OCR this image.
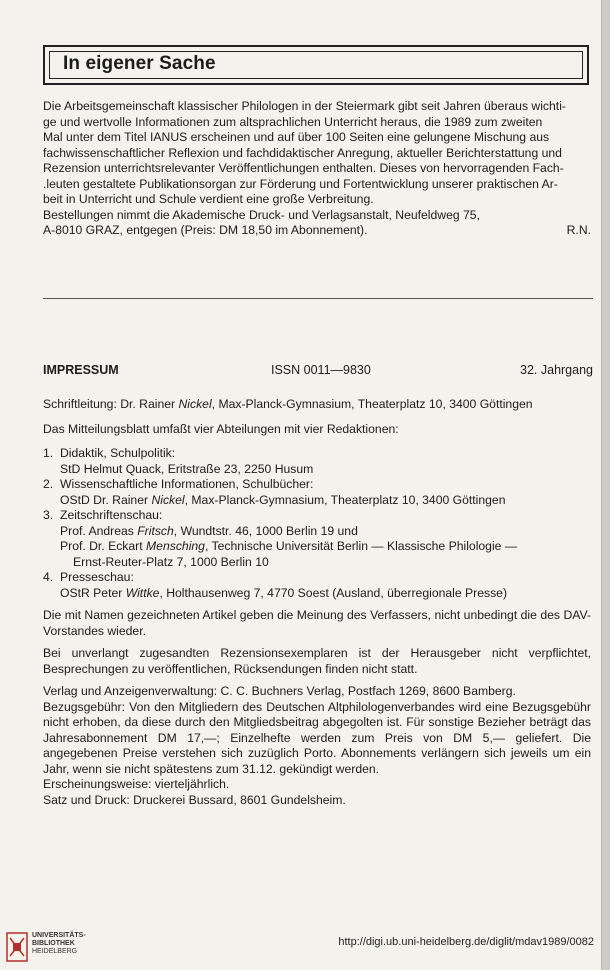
In eigener Sache
Die Arbeitsgemeinschaft klassischer Philologen in der Steiermark gibt seit Jahren überaus wichti-
ge und wertvolle Informationen zum altsprachlichen Unterricht heraus, die 1989 zum zweiten
Mal unter dem Titel IANUS erscheinen und auf über 100 Seiten eine gelungene Mischung aus
fachwissenschaftlicher Reflexion und fachdidaktischer Anregung, aktueller Berichterstattung und
Rezension unterrichtsrelevanter Veröffentlichungen enthalten. Dieses von hervorragenden Fach-
.leuten gestaltete Publikationsorgan zur Förderung und Fortentwicklung unserer praktischen Ar-
beit in Unterricht und Schule verdient eine große Verbreitung.
Bestellungen nimmt die Akademische Druck- und Verlagsanstalt, Neufeldweg 75,
A-8010 GRAZ, entgegen (Preis: DM 18,50 im Abonnement).	R.N.
IMPRESSUM	ISSN 0011—9830	32. Jahrgang

Schriftleitung: Dr. Rainer Nickel, Max-Planck-Gymnasium, Theaterplatz 10, 3400 Göttingen

Das Mitteilungsblatt umfaßt vier Abteilungen mit vier Redaktionen:

1. Didaktik, Schulpolitik:
StD Helmut Quack, Eritstraße 23, 2250 Husum
2. Wissenschaftliche Informationen, Schulbücher:
OStD Dr. Rainer Nickel, Max-Planck-Gymnasium, Theaterplatz 10, 3400 Göttingen
3. Zeitschriftenschau:
Prof. Andreas Fritsch, Wundtstr. 46, 1000 Berlin 19 und
Prof. Dr. Eckart Mensching, Technische Universität Berlin — Klassische Philologie —
Ernst-Reuter-Platz 7, 1000 Berlin 10
4. Presseschau:
OStR Peter Wittke, Holthausenweg 7, 4770 Soest (Ausland, überregionale Presse)

Die mit Namen gezeichneten Artikel geben die Meinung des Verfassers, nicht unbedingt die des DAV-Vorstandes wieder.

Bei unverlangt zugesandten Rezensionsexemplaren ist der Herausgeber nicht verpflichtet, Besprechungen zu veröffentlichen, Rücksendungen finden nicht statt.

Verlag und Anzeigenverwaltung: C. C. Buchners Verlag, Postfach 1269, 8600 Bamberg.

Bezugsgebühr: Von den Mitgliedern des Deutschen Altphilologenverbandes wird eine Bezugsgebühr nicht erhoben, da diese durch den Mitgliedsbeitrag abgegolten ist. Für sonstige Bezieher beträgt das Jahresabonnement DM 17,—; Einzelhefte werden zum Preis von DM 5,— geliefert. Die angegebenen Preise verstehen sich zuzüglich Porto. Abonnements verlängern sich jeweils um ein Jahr, wenn sie nicht spätestens zum 31.12. gekündigt werden.

Erscheinungsweise: vierteljährlich.

Satz und Druck: Druckerei Bussard, 8601 Gundelsheim.

UNIVERSITÄTS-
BIBLIOTHEK
HEIDELBERG
http://digi.ub.uni-heidelberg.de/diglit/mdav1989/0082
